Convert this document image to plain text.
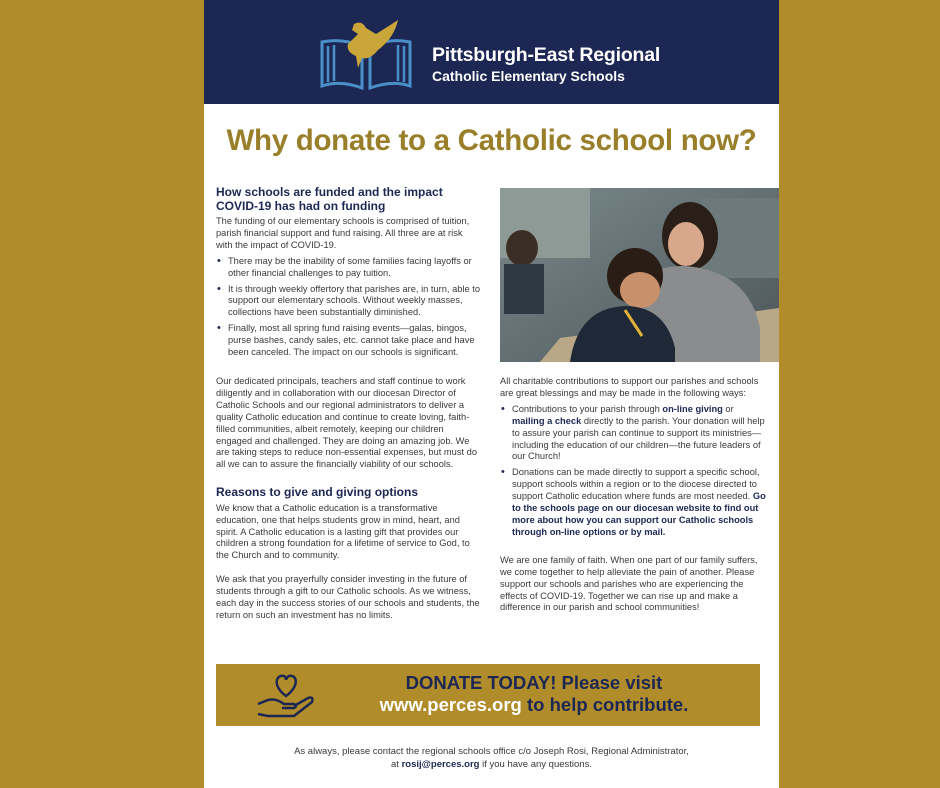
Pittsburgh-East Regional
Catholic Elementary Schools
Why donate to a Catholic school now?
How schools are funded and the impact COVID-19 has had on funding

The funding of our elementary schools is comprised of tuition, parish financial support and fund raising. All three are at risk with the impact of COVID-19.

• There may be the inability of some families facing layoffs or other financial challenges to pay tuition.
• It is through weekly offertory that parishes are, in turn, able to support our elementary schools. Without weekly masses, collections have been substantially diminished.
• Finally, most all spring fund raising events—galas, bingos, purse bashes, candy sales, etc. cannot take place and have been canceled. The impact on our schools is significant.

Our dedicated principals, teachers and staff continue to work diligently and in collaboration with our diocesan Director of Catholic Schools and our regional administrators to deliver a quality Catholic education and continue to create loving, faith-filled communities, albeit remotely, keeping our children engaged and challenged. They are doing an amazing job. We are taking steps to reduce non-essential expenses, but must do all we can to assure the financially viability of our schools.

Reasons to give and giving options

We know that a Catholic education is a transformative education, one that helps students grow in mind, heart, and spirit. A Catholic education is a lasting gift that provides our children a strong foundation for a lifetime of service to God, to the Church and to community.

We ask that you prayerfully consider investing in the future of students through a gift to our Catholic schools. As we witness, each day in the success stories of our schools and students, the return on such an investment has no limits.

All charitable contributions to support our parishes and schools are great blessings and may be made in the following ways:

• Contributions to your parish through on-line giving or mailing a check directly to the parish. Your donation will help to assure your parish can continue to support its ministries—including the education of our children—the future leaders of our Church!
• Donations can be made directly to support a specific school, support schools within a region or to the diocese directed to support Catholic education where funds are most needed. Go to the schools page on our diocesan website to find out more about how you can support our Catholic schools through on-line options or by mail.

We are one family of faith. When one part of our family suffers, we come together to help alleviate the pain of another. Please support our schools and parishes who are experiencing the effects of COVID-19. Together we can rise up and make a difference in our parish and school communities!

DONATE TODAY! Please visit
www.perces.org to help contribute.
As always, please contact the regional schools office c/o Joseph Rosi, Regional Administrator,
at rosij@perces.org if you have any questions.
